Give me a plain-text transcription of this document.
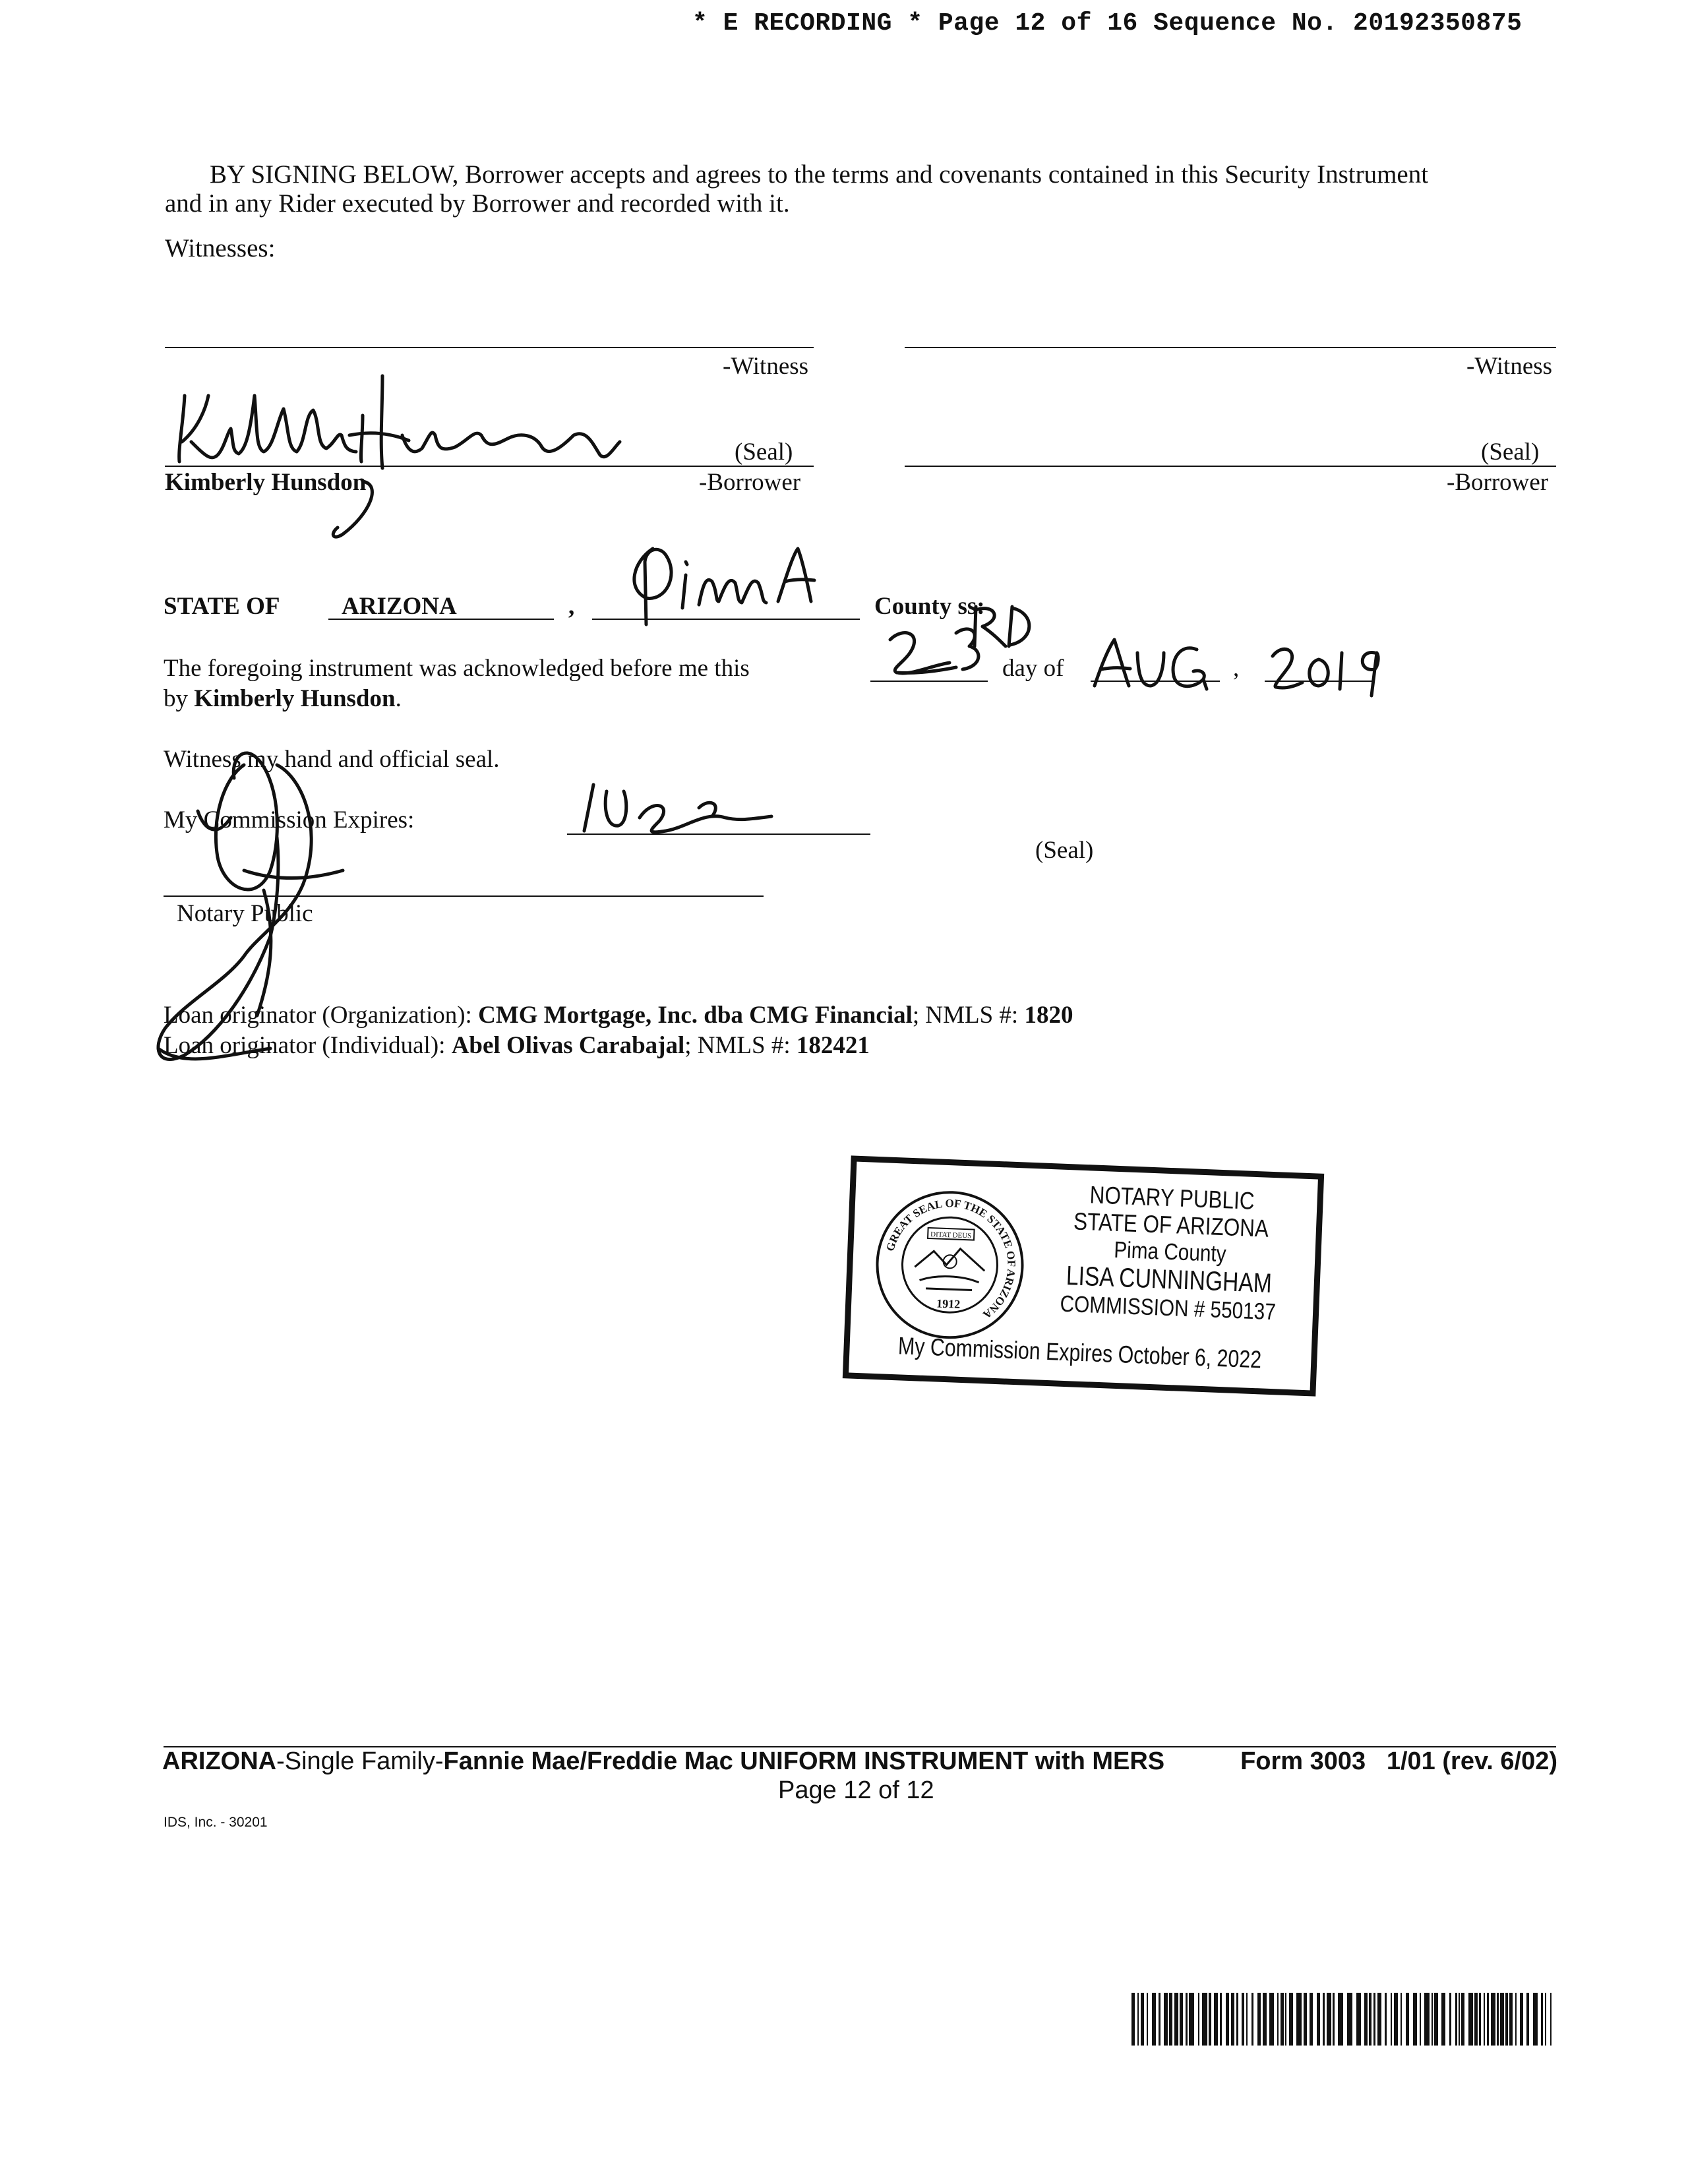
* E RECORDING * Page 12 of 16 Sequence No. 20192350875
BY SIGNING BELOW, Borrower accepts and agrees to the terms and covenants contained in this Security Instrument
and in any Rider executed by Borrower and recorded with it.
Witnesses:
-Witness	-Witness
(Seal)
Kimberly Hunsdon	-Borrower
(Seal)
-Borrower
STATE OF	ARIZONA	,	County ss:
The foregoing instrument was acknowledged before me this	day of	,
by Kimberly Hunsdon.
Witness my hand and official seal.
My Commission Expires:
(Seal)
Notary Public
Loan originator (Organization): CMG Mortgage, Inc. dba CMG Financial; NMLS #: 1820
Loan originator (Individual): Abel Olivas Carabajal; NMLS #: 182421
GREAT SEAL OF THE STATE OF ARIZONA
DITAT DEUS
1912
NOTARY PUBLIC
STATE OF ARIZONA
Pima County
LISA CUNNINGHAM
COMMISSION # 550137
My Commission Expires October 6, 2022
ARIZONA-Single Family-Fannie Mae/Freddie Mac UNIFORM INSTRUMENT with MERS	Form 3003   1/01 (rev. 6/02)
Page 12 of 12
IDS, Inc. - 30201
